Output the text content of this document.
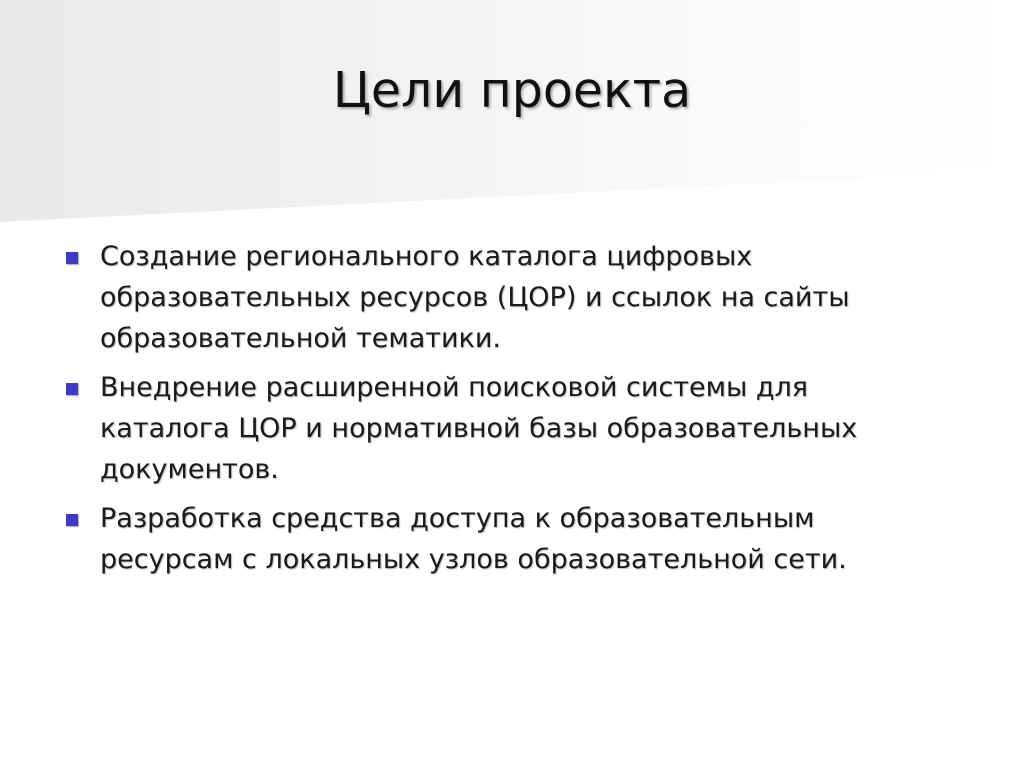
Цели проекта
Создание регионального каталога цифровых
образовательных ресурсов (ЦОР) и ссылок на сайты
образовательной тематики.
Внедрение расширенной поисковой системы для
каталога ЦОР и нормативной базы образовательных
документов.
Разработка средства доступа к образовательным
ресурсам с локальных узлов образовательной сети.
